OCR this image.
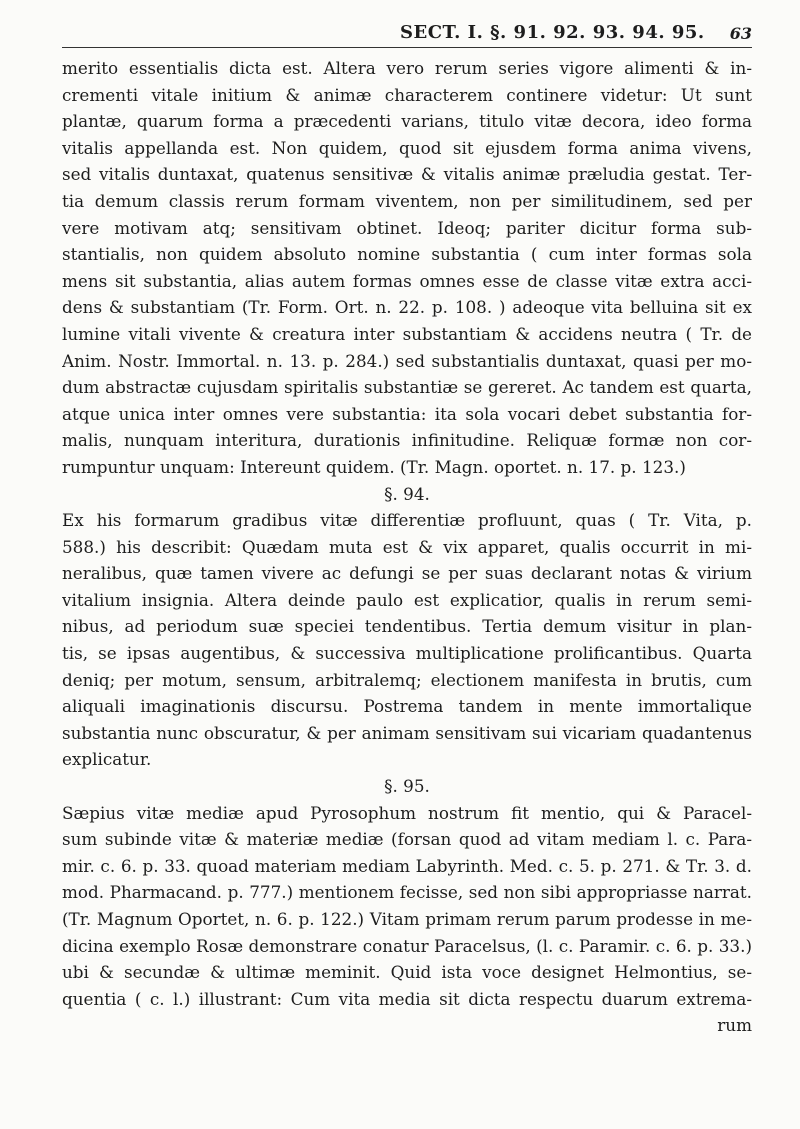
SECT. I. §. 91. 92. 93. 94. 95. 63
merito essentialis dicta est. Altera vero rerum series vigore alimenti & in-
crementi vitale initium & animæ characterem continere videtur: Ut sunt
plantæ, quarum forma a præcedenti varians, titulo vitæ decora, ideo forma
vitalis appellanda est. Non quidem, quod sit ejusdem forma anima vivens,
sed vitalis duntaxat, quatenus sensitivæ & vitalis animæ præludia gestat. Ter-
tia demum classis rerum formam viventem, non per similitudinem, sed per
vere motivam atq; sensitivam obtinet. Ideoq; pariter dicitur forma sub-
stantialis, non quidem absoluto nomine substantia ( cum inter formas sola
mens sit substantia, alias autem formas omnes esse de classe vitæ extra acci-
dens & substantiam (Tr. Form. Ort. n. 22. p. 108. ) adeoque vita belluina sit ex
lumine vitali vivente & creatura inter substantiam & accidens neutra ( Tr. de
Anim. Nostr. Immortal. n. 13. p. 284.) sed substantialis duntaxat, quasi per mo-
dum abstractæ cujusdam spiritalis substantiæ se gereret. Ac tandem est quarta,
atque unica inter omnes vere substantia: ita sola vocari debet substantia for-
malis, nunquam interitura, durationis infinitudine. Reliquæ formæ non cor-
rumpuntur unquam: Intereunt quidem. (Tr. Magn. oportet. n. 17. p. 123.)
§. 94.
Ex his formarum gradibus vitæ differentiæ profluunt, quas ( Tr. Vita, p.
588.) his describit: Quædam muta est & vix apparet, qualis occurrit in mi-
neralibus, quæ tamen vivere ac defungi se per suas declarant notas & virium
vitalium insignia. Altera deinde paulo est explicatior, qualis in rerum semi-
nibus, ad periodum suæ speciei tendentibus. Tertia demum visitur in plan-
tis, se ipsas augentibus, & successiva multiplicatione prolificantibus. Quarta
deniq; per motum, sensum, arbitralemq; electionem manifesta in brutis, cum
aliquali imaginationis discursu. Postrema tandem in mente immortalique
substantia nunc obscuratur, & per animam sensitivam sui vicariam quadantenus
explicatur.
§. 95.
Sæpius vitæ mediæ apud Pyrosophum nostrum fit mentio, qui & Paracel-
sum subinde vitæ & materiæ mediæ (forsan quod ad vitam mediam l. c. Para-
mir. c. 6. p. 33. quoad materiam mediam Labyrinth. Med. c. 5. p. 271. & Tr. 3. d.
mod. Pharmacand. p. 777.) mentionem fecisse, sed non sibi appropriasse narrat.
(Tr. Magnum Oportet, n. 6. p. 122.) Vitam primam rerum parum prodesse in me-
dicina exemplo Rosæ demonstrare conatur Paracelsus, (l. c. Paramir. c. 6. p. 33.)
ubi & secundæ & ultimæ meminit. Quid ista voce designet Helmontius, se-
quentia ( c. l.) illustrant: Cum vita media sit dicta respectu duarum extrema-
rum
